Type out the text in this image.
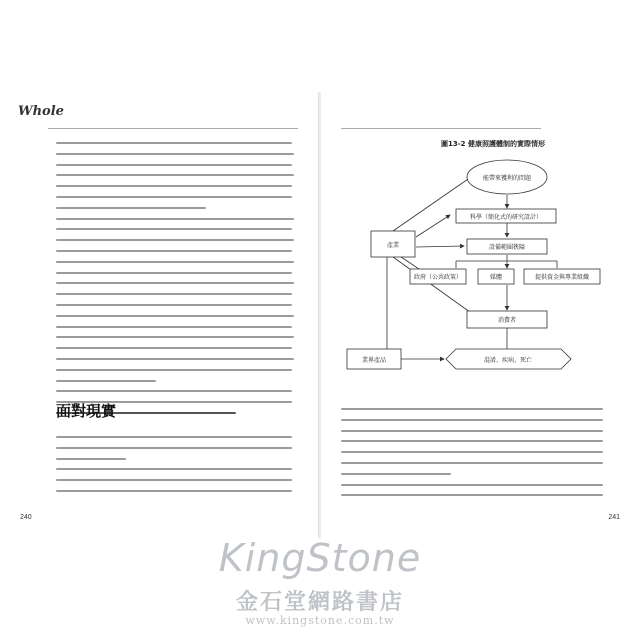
Whole
面對現實
240
圖13-2 健康照護體制的實際情形
能帶來獲利的問題
科學（簡化式的研究設計）
產業	設備範圍狹隘
政府（公共政策）	媒體	提供資金與專業組織
消費者
業界產品	混淆、疾病、死亡
241
KingStone
金石堂網路書店
www.kingstone.com.tw
